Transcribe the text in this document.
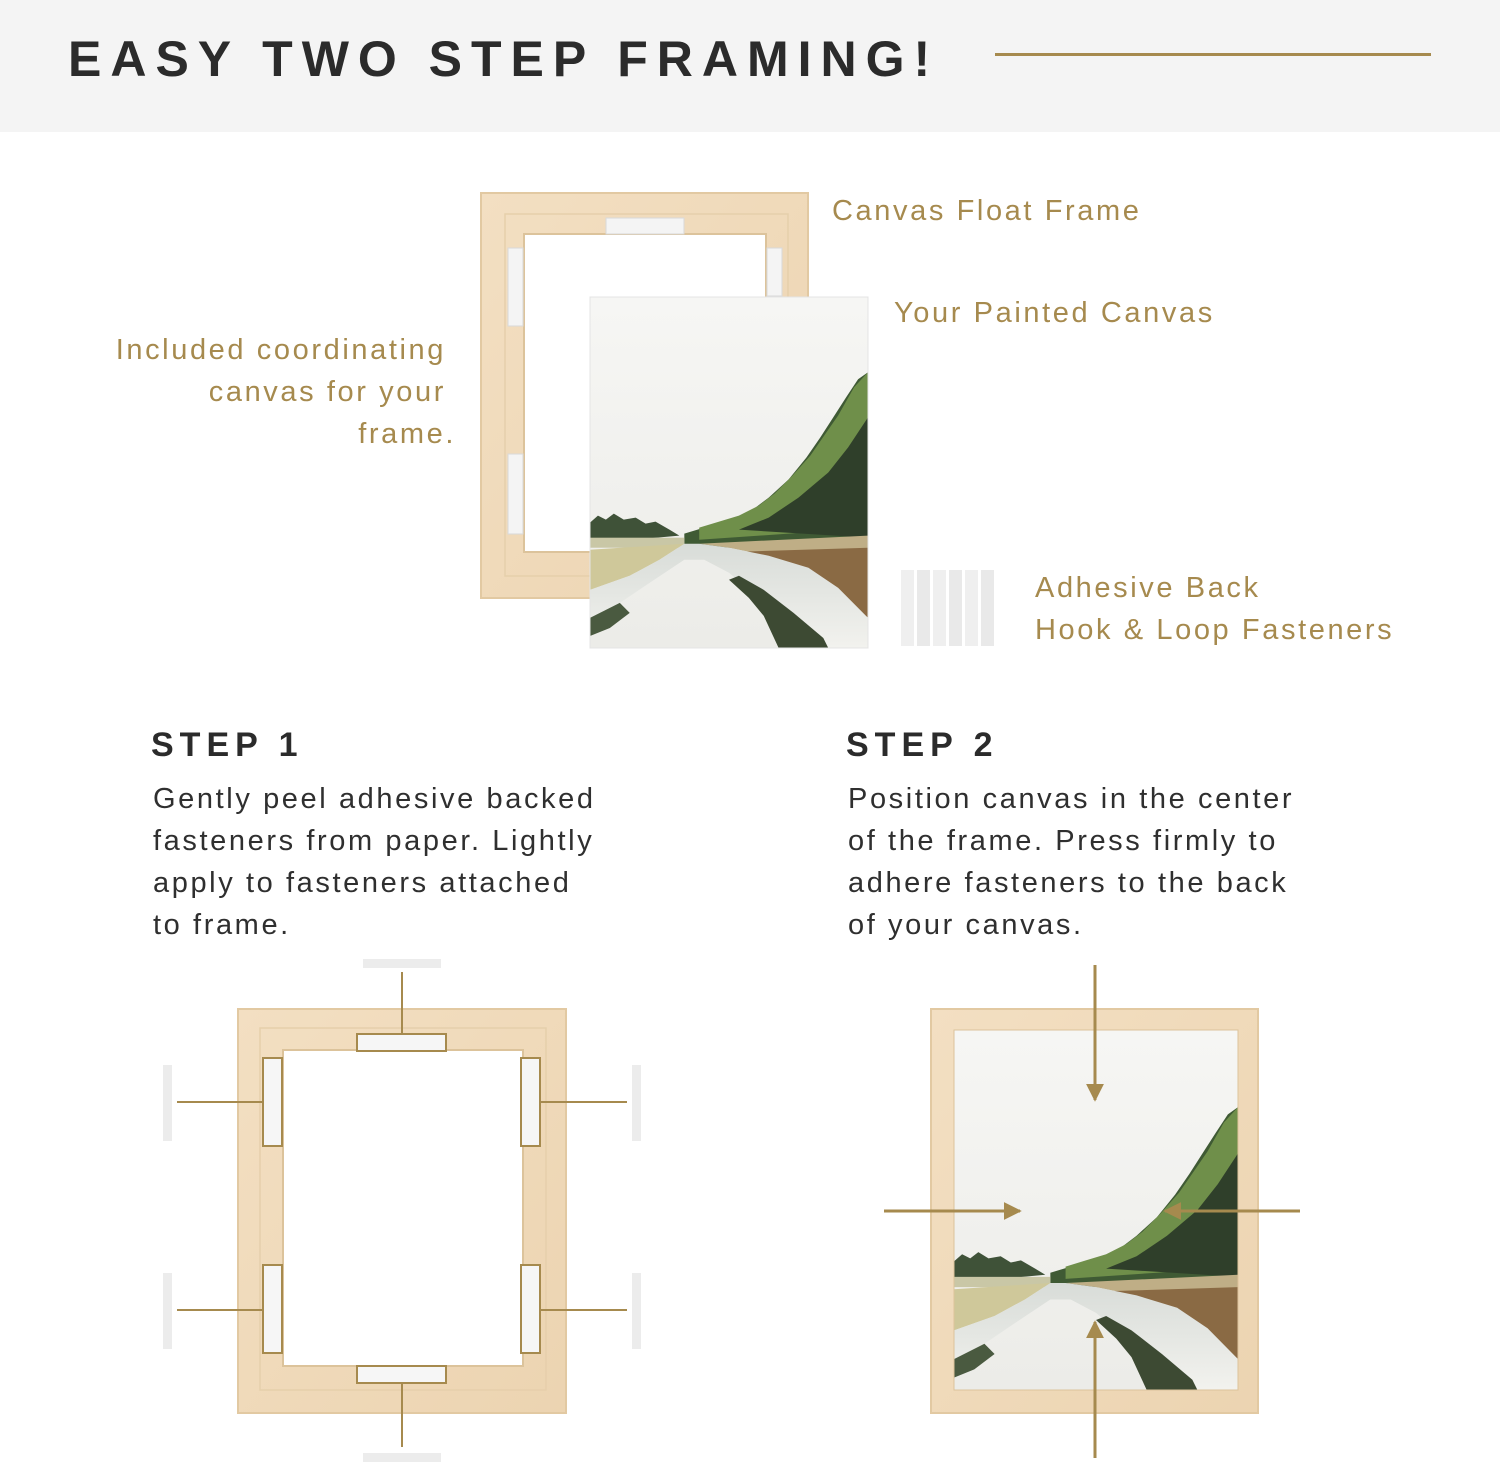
EASY TWO STEP FRAMING!
Canvas Float Frame
Your Painted Canvas
Included coordinating
canvas for your
frame.
Adhesive Back
Hook & Loop Fasteners
STEP 1
Gently peel adhesive backed
fasteners from paper. Lightly
apply to fasteners attached
to frame.
STEP 2
Position canvas in the center
of the frame. Press firmly to
adhere fasteners to the back
of your canvas.
